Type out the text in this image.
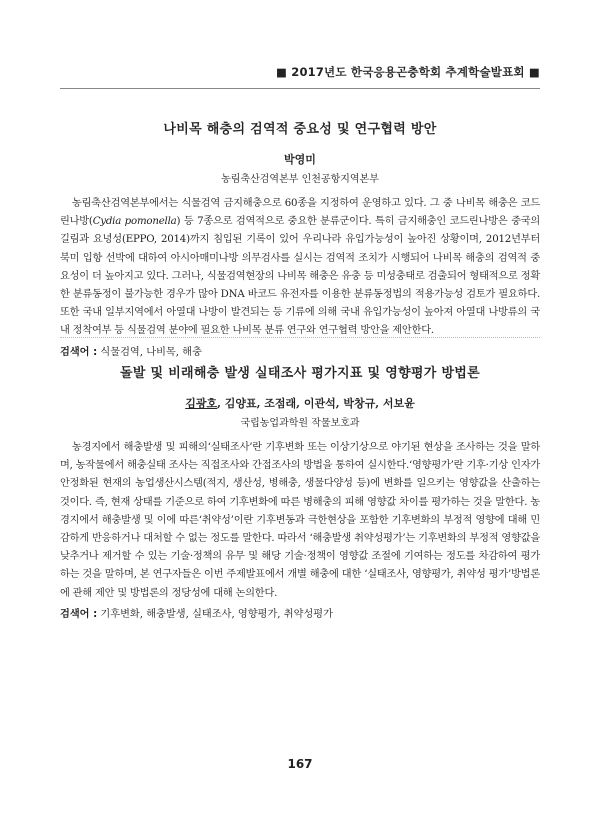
■ 2017년도 한국응용곤충학회 추계학술발표회 ■
나비목 해충의 검역적 중요성 및 연구협력 방안
박영미
농림축산검역본부 인천공항지역본부
농림축산검역본부에서는 식물검역 금지해충으로 60종을 지정하여 운영하고 있다. 그 중 나비목 해충은 코드린나방(Cydia pomonella) 등 7종으로 검역적으로 중요한 분류군이다. 특히 금지해충인 코드린나방은 중국의 길림과 요녕성(EPPO, 2014)까지 침입된 기록이 있어 우리나라 유입가능성이 높아진 상황이며, 2012년부터 북미 입항 선박에 대하여 아시아매미나방 의무검사를 실시는 검역적 조치가 시행되어 나비목 해충의 검역적 중요성이 더 높아지고 있다. 그러나, 식물검역현장의 나비목 해충은 유충 등 미성충태로 검출되어 형태적으로 정확한 분류동정이 불가능한 경우가 많아 DNA 바코드 유전자를 이용한 분류동정법의 적용가능성 검토가 필요하다. 또한 국내 일부지역에서 아열대 나방이 발견되는 등 기류에 의해 국내 유입가능성이 높아져 아열대 나방류의 국내 정착여부 등 식물검역 분야에 필요한 나비목 분류 연구와 연구협력 방안을 제안한다.
검색어 : 식물검역, 나비목, 해충
돌발 및 비래해충 발생 실태조사 평가지표 및 영향평가 방법론
김광호, 김양표, 조점래, 이관석, 박창규, 서보윤
국립농업과학원 작물보호과
농경지에서 해충발생 및 피해의‘실태조사’란 기후변화 또는 이상기상으로 야기된 현상을 조사하는 것을 말하며, 농작물에서 해충실태 조사는 직접조사와 간접조사의 방법을 통하여 실시한다.‘영향평가’란 기후·기상 인자가 안정화된 현재의 농업생산시스템(적지, 생산성, 병해충, 생물다양성 등)에 변화를 일으키는 영향값을 산출하는 것이다. 즉, 현재 상태를 기준으로 하여 기후변화에 따른 병해충의 피해 영향값 차이를 평가하는 것을 말한다. 농경지에서 해충발생 및 이에 따른‘취약성’이란 기후변동과 극한현상을 포함한 기후변화의 부정적 영향에 대해 민감하게 반응하거나 대처할 수 없는 정도를 말한다. 따라서 ‘해충발생 취약성평가’는 기후변화의 부정적 영향값을 낮추거나 제거할 수 있는 기술·정책의 유무 및 해당 기술·정책이 영향값 조절에 기여하는 정도를 차감하여 평가하는 것을 말하며, 본 연구자들은 이번 주제발표에서 개별 해충에 대한 ‘실태조사, 영향평가, 취약성 평가’방법론에 관해 제안 및 방법론의 정당성에 대해 논의한다.
검색어 : 기후변화, 해충발생, 실태조사, 영향평가, 취약성평가
167
